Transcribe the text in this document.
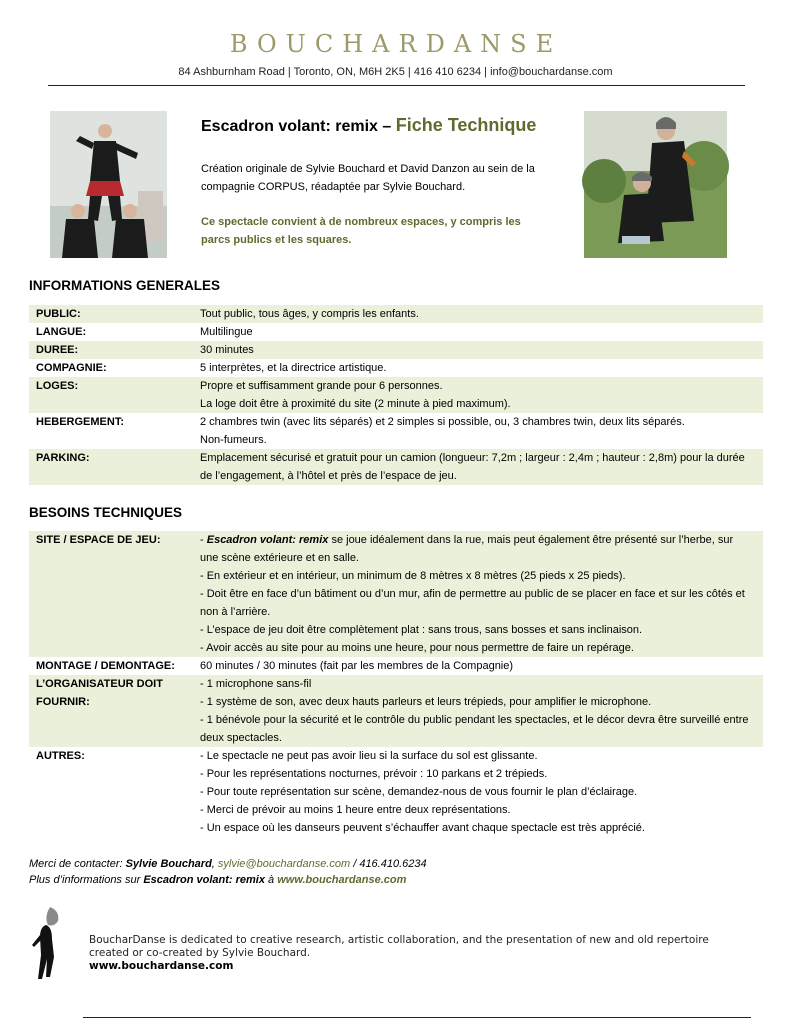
BOUCHARDANSE
84 Ashburnham Road | Toronto, ON, M6H 2K5 | 416 410 6234 | info@bouchardanse.com
Escadron volant: remix – Fiche Technique
Création originale de Sylvie Bouchard et David Danzon au sein de la compagnie CORPUS, réadaptée par Sylvie Bouchard.
Ce spectacle convient à de nombreux espaces, y compris les parcs publics et les squares.
INFORMATIONS GENERALES
PUBLIC:	Tout public, tous âges, y compris les enfants.
LANGUE:	Multilingue
DUREE:	30 minutes
COMPAGNIE:	5 interprètes, et la directrice artistique.
LOGES:	Propre et suffisamment grande pour 6 personnes.
La loge doit être à proximité du site (2 minute à pied maximum).
HEBERGEMENT:	2 chambres twin (avec lits séparés) et 2 simples si possible, ou, 3 chambres twin, deux lits séparés.
Non-fumeurs.
PARKING:	Emplacement sécurisé et gratuit pour un camion (longueur: 7,2m ; largeur : 2,4m ; hauteur : 2,8m) pour la durée de l’engagement, à l’hôtel et près de l’espace de jeu.
BESOINS TECHNIQUES
SITE / ESPACE DE JEU:	- Escadron volant: remix se joue idéalement dans la rue, mais peut également être présenté sur l’herbe, sur une scène extérieure et en salle.
- En extérieur et en intérieur, un minimum de 8 mètres x 8 mètres (25 pieds x 25 pieds).
- Doit être en face d’un bâtiment ou d’un mur, afin de permettre au public de se placer en face et sur les côtés et non à l’arrière.
- L’espace de jeu doit être complètement plat : sans trous, sans bosses et sans inclinaison.
- Avoir accès au site pour au moins une heure, pour nous permettre de faire un repérage.
MONTAGE / DEMONTAGE:	60 minutes / 30 minutes (fait par les membres de la Compagnie)
L’ORGANISATEUR DOIT FOURNIR:
- 1 microphone sans-fil
- 1 système de son, avec deux hauts parleurs et leurs trépieds, pour amplifier le microphone.
- 1 bénévole pour la sécurité et le contrôle du public pendant les spectacles, et le décor devra être surveillé entre deux spectacles.
AUTRES:	- Le spectacle ne peut pas avoir lieu si la surface du sol est glissante.
- Pour les représentations nocturnes, prévoir : 10 parkans et 2 trépieds.
- Pour toute représentation sur scène, demandez-nous de vous fournir le plan d’éclairage.
- Merci de prévoir au moins 1 heure entre deux représentations.
- Un espace où les danseurs peuvent s’échauffer avant chaque spectacle est très apprécié.
Merci de contacter: Sylvie Bouchard, sylvie@bouchardanse.com / 416.410.6234
Plus d’informations sur Escadron volant: remix à www.bouchardanse.com
BoucharDanse is dedicated to creative research, artistic collaboration, and the presentation of new and old repertoire created or co-created by Sylvie Bouchard.
www.bouchardanse.com
